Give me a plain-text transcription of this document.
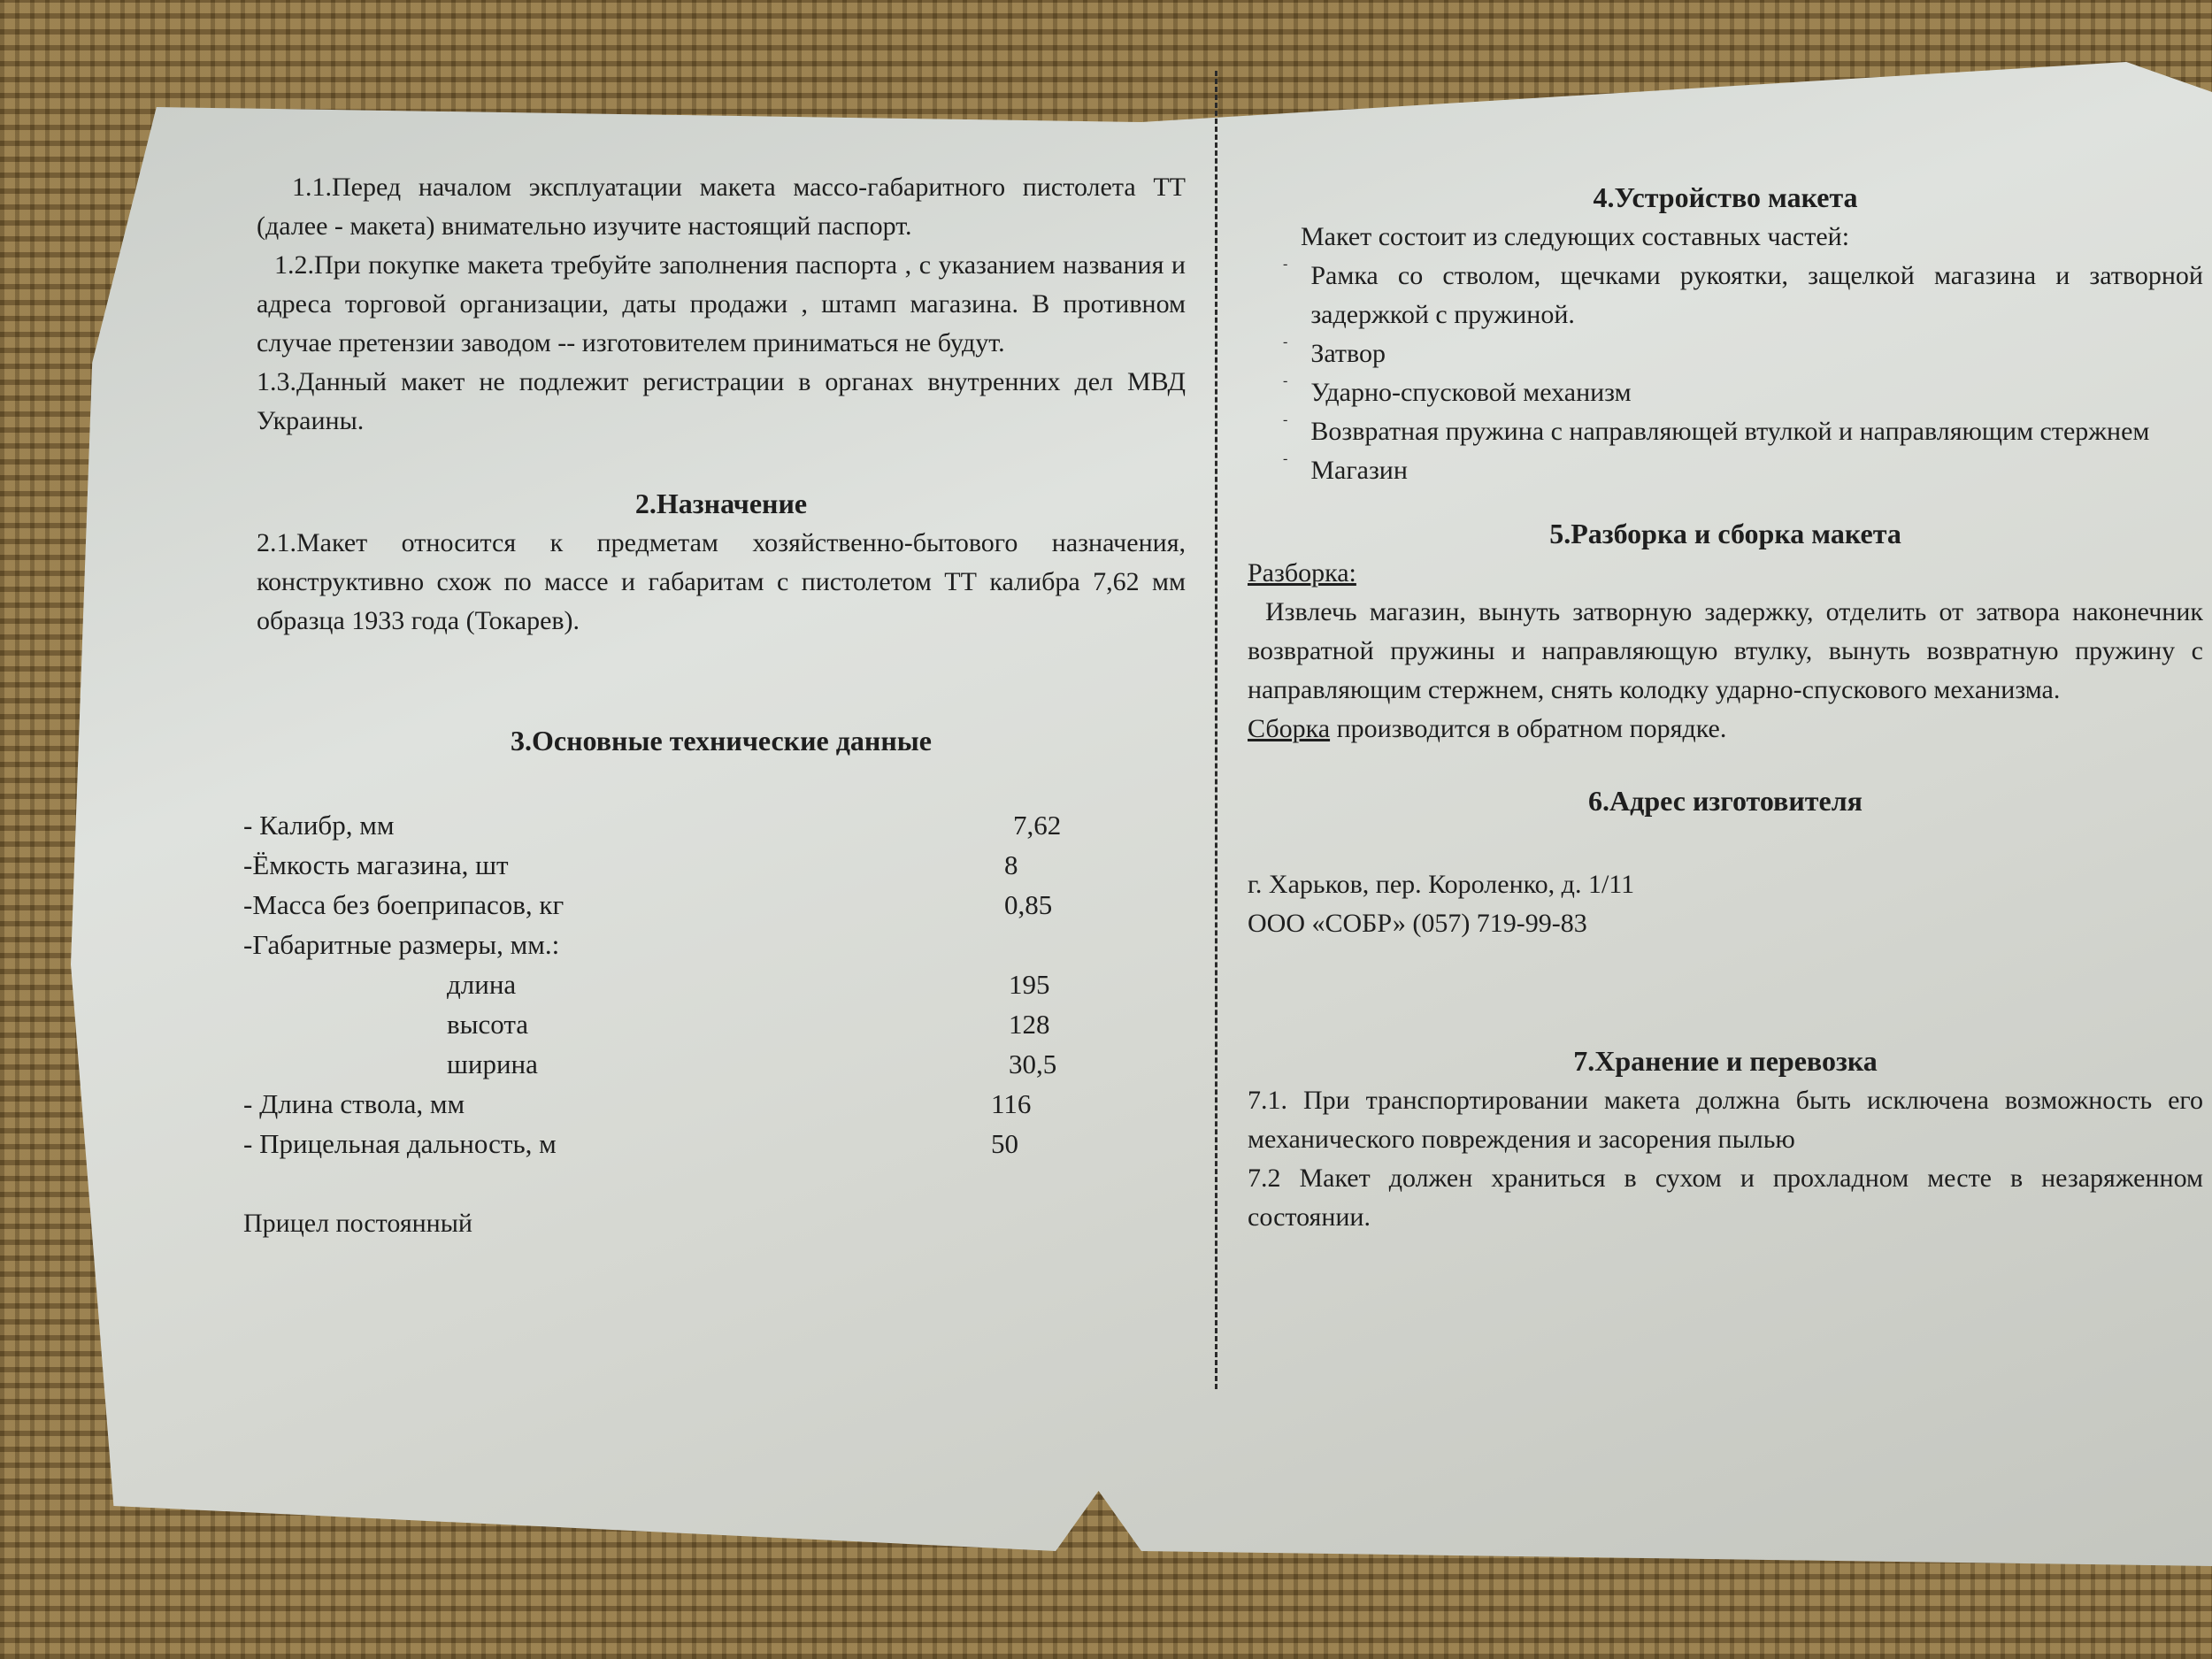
1.1.Перед началом эксплуатации макета массо-габаритного пистолета ТТ (далее - макета) внимательно изучите настоящий паспорт.

1.2.При покупке макета требуйте заполнения паспорта , с указанием названия и адреса торговой организации, даты продажи , штамп магазина. В противном случае претензии заводом -- изготовителем приниматься не будут.

1.3.Данный макет не подлежит регистрации в органах внутренних дел МВД Украины.

2.Назначение

2.1.Макет относится к предметам хозяйственно-бытового назначения, конструктивно схож по массе и габаритам с пистолетом ТТ калибра 7,62 мм образца 1933 года (Токарев).

3.Основные технические данные
- Калибр, мм	7,62
-Ёмкость магазина, шт	8
-Масса без боеприпасов, кг	0,85
-Габаритные размеры, мм.:
длина	195
высота	128
ширина	30,5
- Длина ствола, мм	116
- Прицельная дальность, м	50

Прицел постоянный

4.Устройство макета

Макет состоит из следующих составных частей:

- Рамка со стволом, щечками рукоятки, защелкой магазина и затворной задержкой с пружиной.

- Затвор

- Ударно-спусковой механизм

- Возвратная пружина с направляющей втулкой и направляющим стержнем

- Магазин

5.Разборка и сборка макета

Разборка:

Извлечь магазин, вынуть затворную задержку, отделить от затвора наконечник возвратной пружины и направляющую втулку, вынуть возвратную пружину с направляющим стержнем, снять колодку ударно-спускового механизма.

Сборка производится в обратном порядке.

6.Адрес изготовителя

г. Харьков, пер. Короленко, д. 1/11

ООО «СОБР» (057) 719-99-83

7.Хранение и перевозка

7.1. При транспортировании макета должна быть исключена возможность его механического повреждения и засорения пылью

7.2 Макет должен храниться в сухом и прохладном месте в незаряженном состоянии.
